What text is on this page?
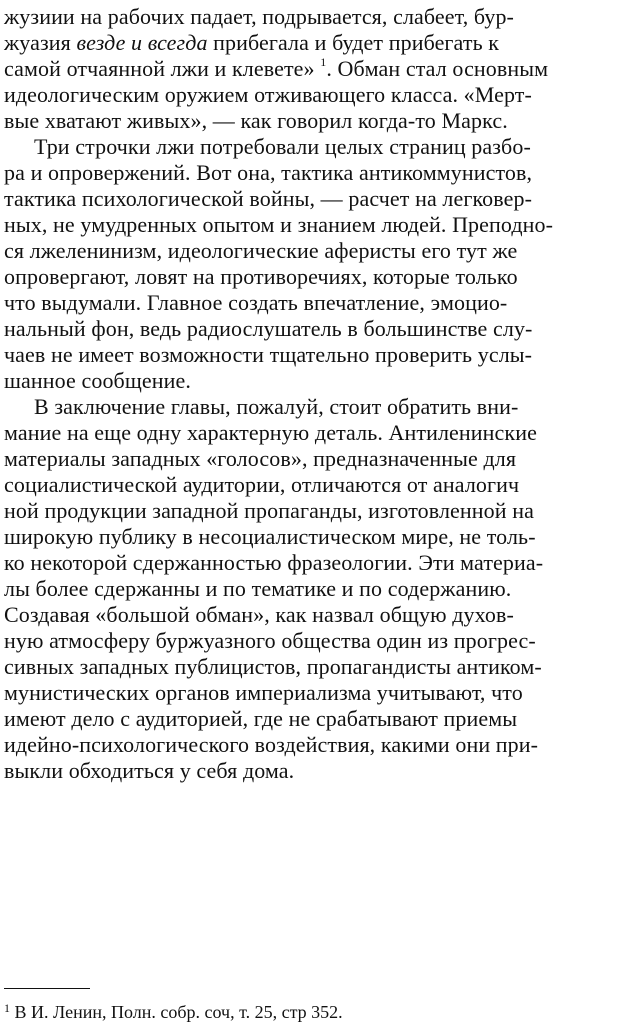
жузиии на рабочих падает, подрывается, слабеет, бур-
жуазия везде и всегда прибегала и будет прибегать к
самой отчаянной лжи и клевете» $^1$. Обман стал основным
идеологическим оружием отживающего класса. «Мерт-
вые хватают живых», — как говорил когда-то Маркс.
Три строчки лжи потребовали целых страниц разбо-
ра и опровержений. Вот она, тактика антикоммунистов,
тактика психологической войны, — расчет на легковер-
ных, не умудренных опытом и знанием людей. Преподно-
ся лжеленинизм, идеологические аферисты его тут же
опровергают, ловят на противоречиях, которые только
что выдумали. Главное создать впечатление, эмоцио-
нальный фон, ведь радиослушатель в большинстве слу-
чаев не имеет возможности тщательно проверить услы-
шанное сообщение.
В заключение главы, пожалуй, стоит обратить вни-
мание на еще одну характерную деталь. Антиленинские
материалы западных «голосов», предназначенные для
социалистической аудитории, отличаются от аналогич
ной продукции западной пропаганды, изготовленной на
широкую публику в несоциалистическом мире, не толь-
ко некоторой сдержанностью фразеологии. Эти материа-
лы более сдержанны и по тематике и по содержанию.
Создавая «большой обман», как назвал общую духов-
ную атмосферу буржуазного общества один из прогрес-
сивных западных публицистов, пропагандисты антиком-
мунистических органов империализма учитывают, что
имеют дело с аудиторией, где не срабатывают приемы
идейно-психологического воздействия, какими они при-
выкли обходиться у себя дома.
$^1$ В И. Ленин, Полн. собр. соч, т. 25, стр 352.
